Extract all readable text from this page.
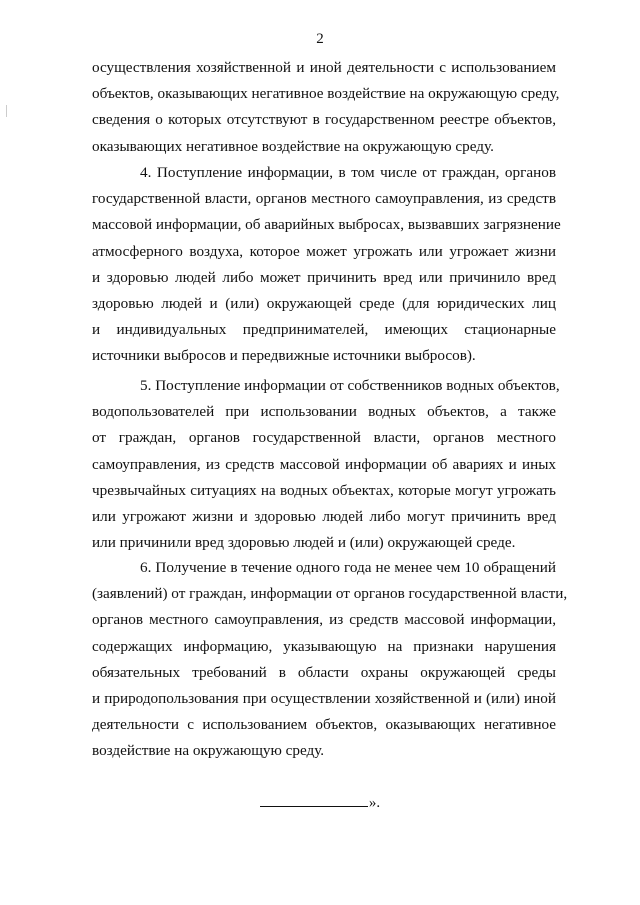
2
осуществления хозяйственной и иной деятельности с использованием
объектов, оказывающих негативное воздействие на окружающую среду,
сведения о которых отсутствуют в государственном реестре объектов,
оказывающих негативное воздействие на окружающую среду.
4. Поступление информации, в том числе от граждан, органов
государственной власти, органов местного самоуправления, из средств
массовой информации, об аварийных выбросах, вызвавших загрязнение
атмосферного воздуха, которое может угрожать или угрожает жизни
и здоровью людей либо может причинить вред или причинило вред
здоровью людей и (или) окружающей среде (для юридических лиц
и индивидуальных предпринимателей, имеющих стационарные
источники выбросов и передвижные источники выбросов).
5. Поступление информации от собственников водных объектов,
водопользователей при использовании водных объектов, а также
от граждан, органов государственной власти, органов местного
самоуправления, из средств массовой информации об авариях и иных
чрезвычайных ситуациях на водных объектах, которые могут угрожать
или угрожают жизни и здоровью людей либо могут причинить вред
или причинили вред здоровью людей и (или) окружающей среде.
6. Получение в течение одного года не менее чем 10 обращений
(заявлений) от граждан, информации от органов государственной власти,
органов местного самоуправления, из средств массовой информации,
содержащих информацию, указывающую на признаки нарушения
обязательных требований в области охраны окружающей среды
и природопользования при осуществлении хозяйственной и (или) иной
деятельности с использованием объектов, оказывающих негативное
воздействие на окружающую среду.
».
